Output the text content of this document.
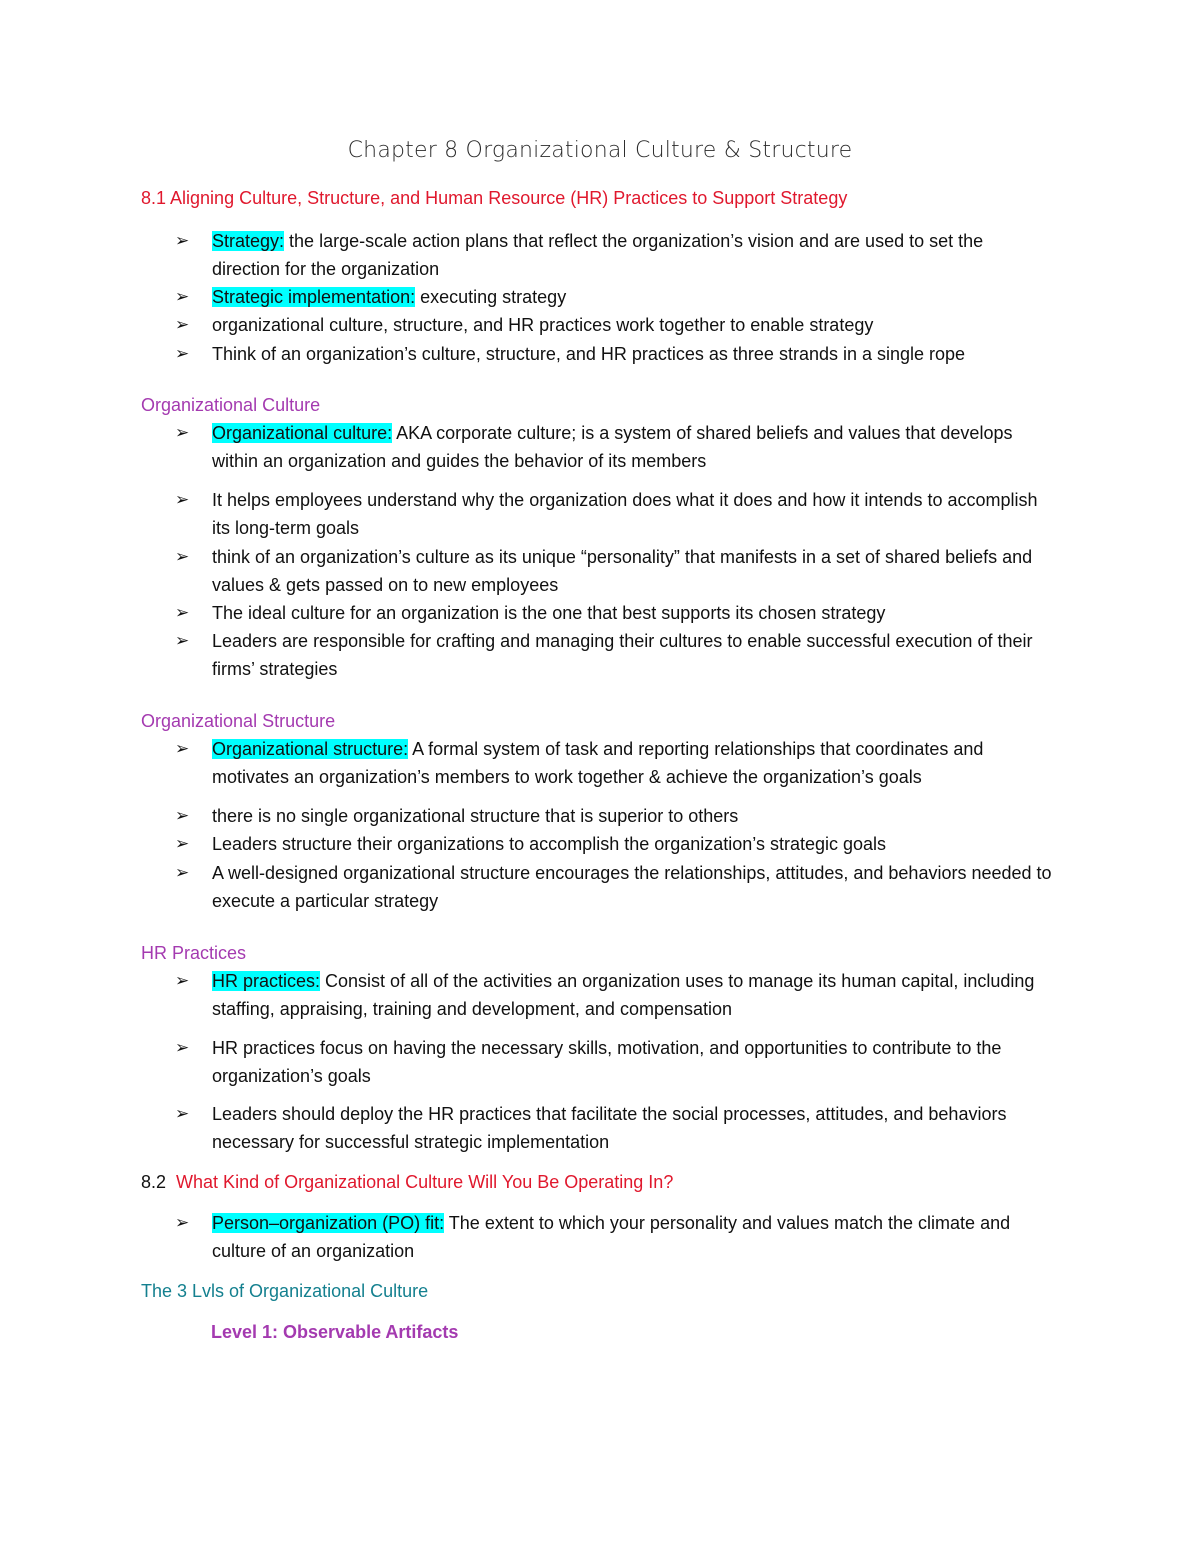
Chapter 8 Organizational Culture & Structure
8.1 Aligning Culture, Structure, and Human Resource (HR) Practices to Support Strategy
➢	Strategy: the large-scale action plans that reflect the organization’s vision and are used to set the direction for the organization
➢	Strategic implementation: executing strategy
➢	organizational culture, structure, and HR practices work together to enable strategy
➢	Think of an organization’s culture, structure, and HR practices as three strands in a single rope
Organizational Culture
➢	Organizational culture: AKA corporate culture; is a system of shared beliefs and values that develops within an organization and guides the behavior of its members
➢	It helps employees understand why the organization does what it does and how it intends to accomplish its long-term goals
➢	think of an organization’s culture as its unique “personality” that manifests in a set of shared beliefs and values & gets passed on to new employees
➢	The ideal culture for an organization is the one that best supports its chosen strategy
➢	Leaders are responsible for crafting and managing their cultures to enable successful execution of their firms’ strategies
Organizational Structure
➢	Organizational structure: A formal system of task and reporting relationships that coordinates and motivates an organization’s members to work together & achieve the organization’s goals
➢	there is no single organizational structure that is superior to others
➢	Leaders structure their organizations to accomplish the organization’s strategic goals
➢	A well-designed organizational structure encourages the relationships, attitudes, and behaviors needed to execute a particular strategy
HR Practices
➢	HR practices: Consist of all of the activities an organization uses to manage its human capital, including staffing, appraising, training and development, and compensation
➢	HR practices focus on having the necessary skills, motivation, and opportunities to contribute to the organization’s goals
➢	Leaders should deploy the HR practices that facilitate the social processes, attitudes, and behaviors necessary for successful strategic implementation
8.2 What Kind of Organizational Culture Will You Be Operating In?
➢	Person–organization (PO) fit: The extent to which your personality and values match the climate and culture of an organization
The 3 Lvls of Organizational Culture
Level 1: Observable Artifacts
